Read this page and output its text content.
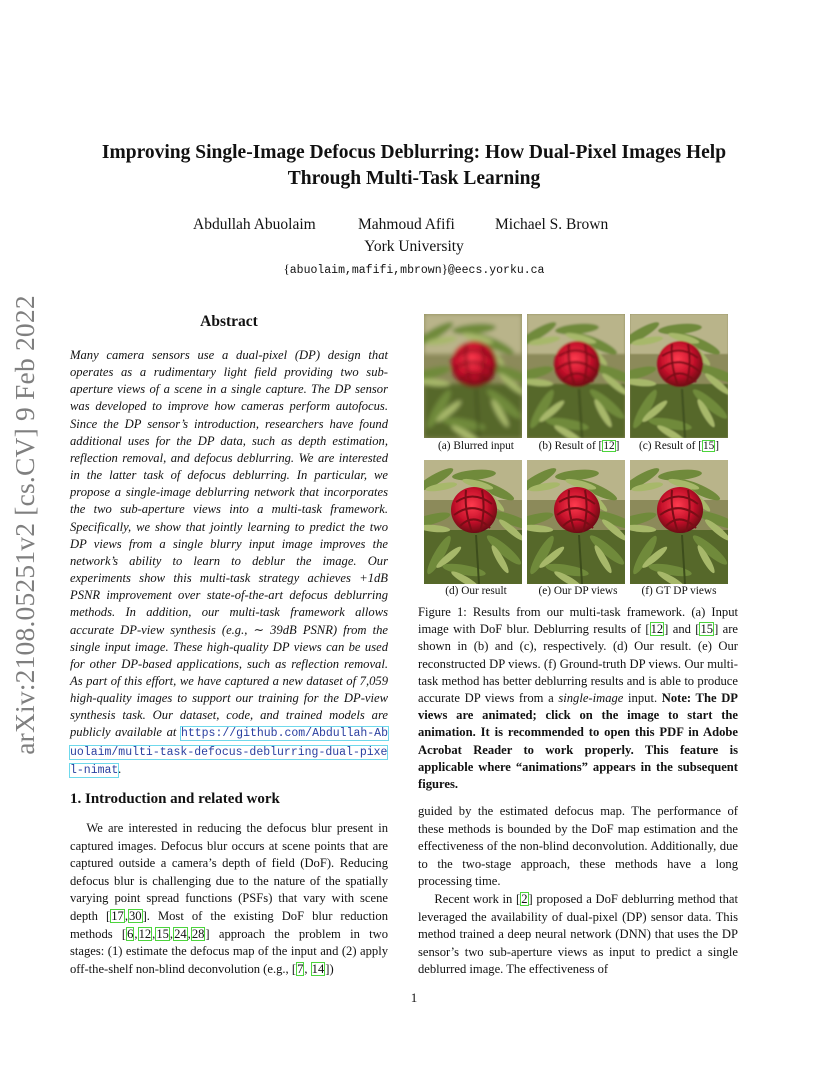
arXiv:2108.05251v2 [cs.CV] 9 Feb 2022
Improving Single-Image Defocus Deblurring: How Dual-Pixel Images Help
Through Multi-Task Learning
Abdullah Abuolaim	Mahmoud Afifi	Michael S. Brown
York University
{abuolaim,mafifi,mbrown}@eecs.yorku.ca
Abstract
Many camera sensors use a dual-pixel (DP) design that operates as a rudimentary light field providing two sub-aperture views of a scene in a single capture. The DP sensor was developed to improve how cameras perform autofocus. Since the DP sensor’s introduction, researchers have found additional uses for the DP data, such as depth estimation, reflection removal, and defocus deblurring. We are interested in the latter task of defocus deblurring. In particular, we propose a single-image deblurring network that incorporates the two sub-aperture views into a multi-task framework. Specifically, we show that jointly learning to predict the two DP views from a single blurry input image improves the network’s ability to learn to deblur the image. Our experiments show this multi-task strategy achieves +1dB PSNR improvement over state-of-the-art defocus deblurring methods. In addition, our multi-task framework allows accurate DP-view synthesis (e.g., ∼ 39dB PSNR) from the single input image. These high-quality DP views can be used for other DP-based applications, such as reflection removal. As part of this effort, we have captured a new dataset of 7,059 high-quality images to support our training for the DP-view synthesis task. Our dataset, code, and trained models are publicly available at https://github.com/Abdullah-Abuolaim/multi-task-defocus-deblurring-dual-pixel-nimat.
1. Introduction and related work

We are interested in reducing the defocus blur present in captured images. Defocus blur occurs at scene points that are captured outside a camera’s depth of field (DoF). Reducing defocus blur is challenging due to the nature of the spatially varying point spread functions (PSFs) that vary with scene depth [17,30]. Most of the existing DoF blur reduction methods [6,12,15,24,28] approach the problem in two stages: (1) estimate the defocus map of the input and (2) apply off-the-shelf non-blind deconvolution (e.g., [7, 14])

(a) Blurred input	(b) Result of [12]	(c) Result of [15]
(d) Our result	(e) Our DP views	(f) GT DP views
Figure 1: Results from our multi-task framework. (a) Input image with DoF blur. Deblurring results of [12] and [15] are shown in (b) and (c), respectively. (d) Our result. (e) Our reconstructed DP views. (f) Ground-truth DP views. Our multi-task method has better deblurring results and is able to produce accurate DP views from a single-image input. Note: The DP views are animated; click on the image to start the animation. It is recommended to open this PDF in Adobe Acrobat Reader to work properly. This feature is applicable where “animations” appears in the subsequent figures.

guided by the estimated defocus map. The performance of these methods is bounded by the DoF map estimation and the effectiveness of the non-blind deconvolution. Additionally, due to the two-stage approach, these methods have a long processing time.

Recent work in [2] proposed a DoF deblurring method that leveraged the availability of dual-pixel (DP) sensor data. This method trained a deep neural network (DNN) that uses the DP sensor’s two sub-aperture views as input to predict a single deblurred image. The effectiveness of

1
